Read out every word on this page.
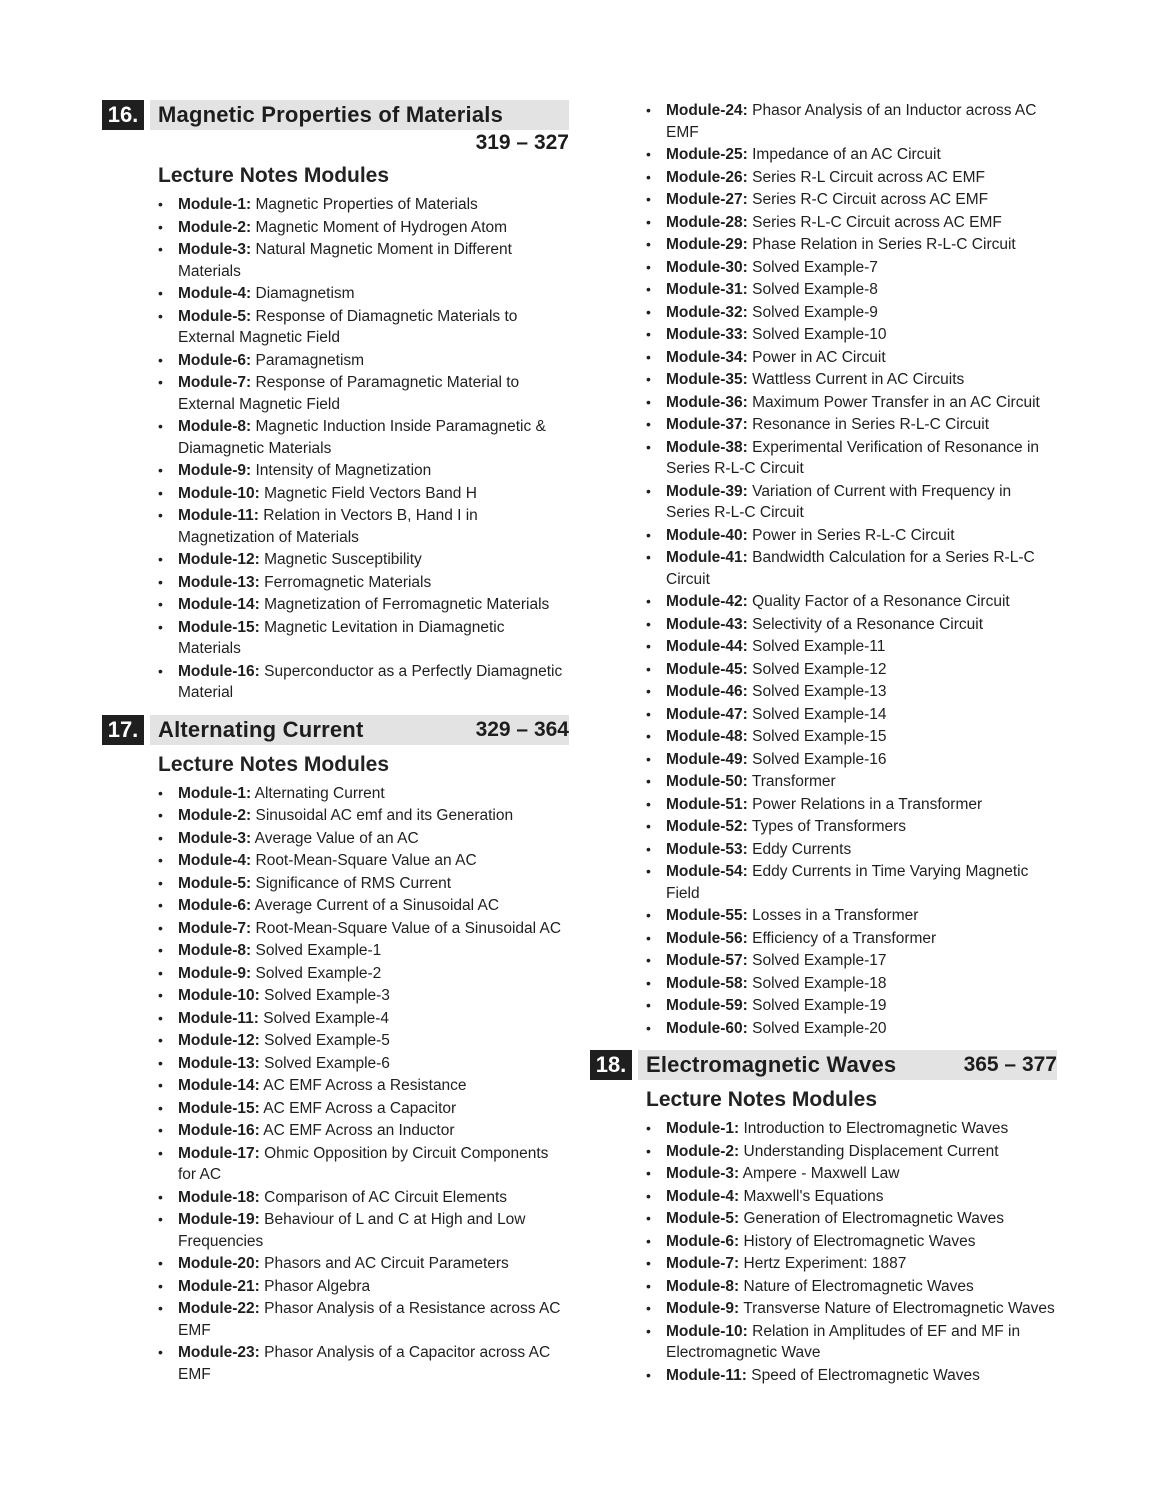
16. Magnetic Properties of Materials
319 – 327
Lecture Notes Modules
• Module-1: Magnetic Properties of Materials
• Module-2: Magnetic Moment of Hydrogen Atom
• Module-3: Natural Magnetic Moment in Different Materials
• Module-4: Diamagnetism
• Module-5: Response of Diamagnetic Materials to External Magnetic Field
• Module-6: Paramagnetism
• Module-7: Response of Paramagnetic Material to External Magnetic Field
• Module-8: Magnetic Induction Inside Paramagnetic & Diamagnetic Materials
• Module-9: Intensity of Magnetization
• Module-10: Magnetic Field Vectors Band H
• Module-11: Relation in Vectors B, Hand I in Magnetization of Materials
• Module-12: Magnetic Susceptibility
• Module-13: Ferromagnetic Materials
• Module-14: Magnetization of Ferromagnetic Materials
• Module-15: Magnetic Levitation in Diamagnetic Materials
• Module-16: Superconductor as a Perfectly Diamagnetic Material
17. Alternating Current	329 – 364
Lecture Notes Modules
• Module-1: Alternating Current
• Module-2: Sinusoidal AC emf and its Generation
• Module-3: Average Value of an AC
• Module-4: Root-Mean-Square Value an AC
• Module-5: Significance of RMS Current
• Module-6: Average Current of a Sinusoidal AC
• Module-7: Root-Mean-Square Value of a Sinusoidal AC
• Module-8: Solved Example-1
• Module-9: Solved Example-2
• Module-10: Solved Example-3
• Module-11: Solved Example-4
• Module-12: Solved Example-5
• Module-13: Solved Example-6
• Module-14: AC EMF Across a Resistance
• Module-15: AC EMF Across a Capacitor
• Module-16: AC EMF Across an Inductor
• Module-17: Ohmic Opposition by Circuit Components for AC
• Module-18: Comparison of AC Circuit Elements
• Module-19: Behaviour of L and C at High and Low Frequencies
• Module-20: Phasors and AC Circuit Parameters
• Module-21: Phasor Algebra
• Module-22: Phasor Analysis of a Resistance across AC EMF
• Module-23: Phasor Analysis of a Capacitor across AC EMF
• Module-24: Phasor Analysis of an Inductor across AC EMF
• Module-25: Impedance of an AC Circuit
• Module-26: Series R-L Circuit across AC EMF
• Module-27: Series R-C Circuit across AC EMF
• Module-28: Series R-L-C Circuit across AC EMF
• Module-29: Phase Relation in Series R-L-C Circuit
• Module-30: Solved Example-7
• Module-31: Solved Example-8
• Module-32: Solved Example-9
• Module-33: Solved Example-10
• Module-34: Power in AC Circuit
• Module-35: Wattless Current in AC Circuits
• Module-36: Maximum Power Transfer in an AC Circuit
• Module-37: Resonance in Series R-L-C Circuit
• Module-38: Experimental Verification of Resonance in Series R-L-C Circuit
• Module-39: Variation of Current with Frequency in Series R-L-C Circuit
• Module-40: Power in Series R-L-C Circuit
• Module-41: Bandwidth Calculation for a Series R-L-C Circuit
• Module-42: Quality Factor of a Resonance Circuit
• Module-43: Selectivity of a Resonance Circuit
• Module-44: Solved Example-11
• Module-45: Solved Example-12
• Module-46: Solved Example-13
• Module-47: Solved Example-14
• Module-48: Solved Example-15
• Module-49: Solved Example-16
• Module-50: Transformer
• Module-51: Power Relations in a Transformer
• Module-52: Types of Transformers
• Module-53: Eddy Currents
• Module-54: Eddy Currents in Time Varying Magnetic Field
• Module-55: Losses in a Transformer
• Module-56: Efficiency of a Transformer
• Module-57: Solved Example-17
• Module-58: Solved Example-18
• Module-59: Solved Example-19
• Module-60: Solved Example-20
18. Electromagnetic Waves	365 – 377
Lecture Notes Modules
• Module-1: Introduction to Electromagnetic Waves
• Module-2: Understanding Displacement Current
• Module-3: Ampere - Maxwell Law
• Module-4: Maxwell's Equations
• Module-5: Generation of Electromagnetic Waves
• Module-6: History of Electromagnetic Waves
• Module-7: Hertz Experiment: 1887
• Module-8: Nature of Electromagnetic Waves
• Module-9: Transverse Nature of Electromagnetic Waves
• Module-10: Relation in Amplitudes of EF and MF in Electromagnetic Wave
• Module-11: Speed of Electromagnetic Waves
